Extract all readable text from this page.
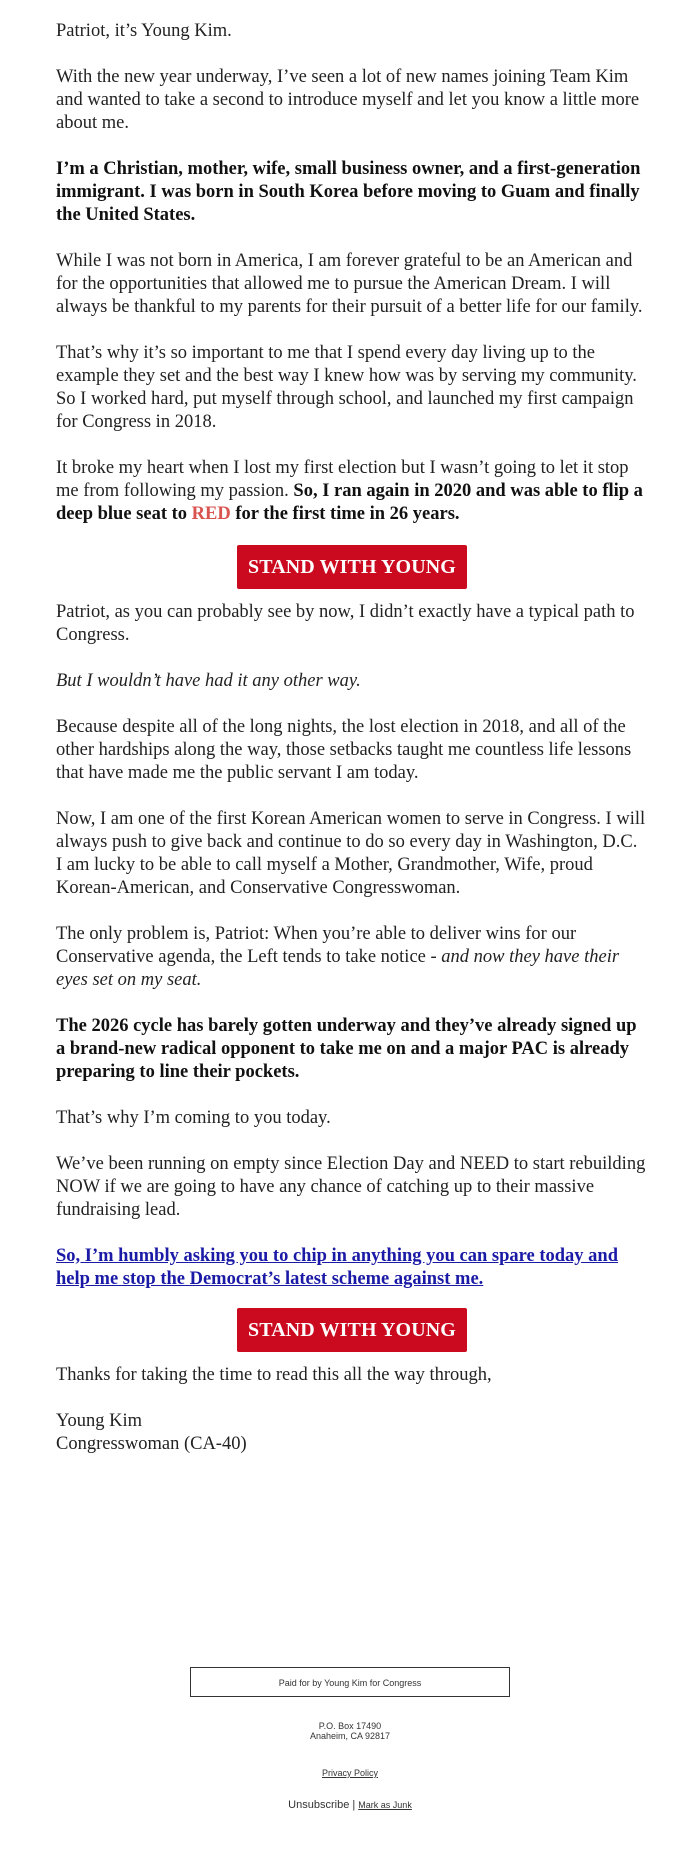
Patriot, it’s Young Kim.

With the new year underway, I’ve seen a lot of new names joining Team Kim and wanted to take a second to introduce myself and let you know a little more about me.

I’m a Christian, mother, wife, small business owner, and a first-generation immigrant. I was born in South Korea before moving to Guam and finally the United States.

While I was not born in America, I am forever grateful to be an American and for the opportunities that allowed me to pursue the American Dream. I will always be thankful to my parents for their pursuit of a better life for our family.

That’s why it’s so important to me that I spend every day living up to the example they set and the best way I knew how was by serving my community. So I worked hard, put myself through school, and launched my first campaign for Congress in 2018.

It broke my heart when I lost my first election but I wasn’t going to let it stop me from following my passion. So, I ran again in 2020 and was able to flip a deep blue seat to RED for the first time in 26 years.

STAND WITH YOUNG

Patriot, as you can probably see by now, I didn’t exactly have a typical path to Congress.

But I wouldn’t have had it any other way.

Because despite all of the long nights, the lost election in 2018, and all of the other hardships along the way, those setbacks taught me countless life lessons that have made me the public servant I am today.

Now, I am one of the first Korean American women to serve in Congress. I will always push to give back and continue to do so every day in Washington, D.C. I am lucky to be able to call myself a Mother, Grandmother, Wife, proud Korean-American, and Conservative Congresswoman.

The only problem is, Patriot: When you’re able to deliver wins for our Conservative agenda, the Left tends to take notice - and now they have their eyes set on my seat.

The 2026 cycle has barely gotten underway and they’ve already signed up a brand-new radical opponent to take me on and a major PAC is already preparing to line their pockets.

That’s why I’m coming to you today.

We’ve been running on empty since Election Day and NEED to start rebuilding NOW if we are going to have any chance of catching up to their massive fundraising lead.

So, I’m humbly asking you to chip in anything you can spare today and help me stop the Democrat’s latest scheme against me.

STAND WITH YOUNG

Thanks for taking the time to read this all the way through,

Young Kim

Congresswoman (CA-40)

Paid for by Young Kim for Congress
P.O. Box 17490
Anaheim, CA 92817
Privacy Policy
Unsubscribe | Mark as Junk
